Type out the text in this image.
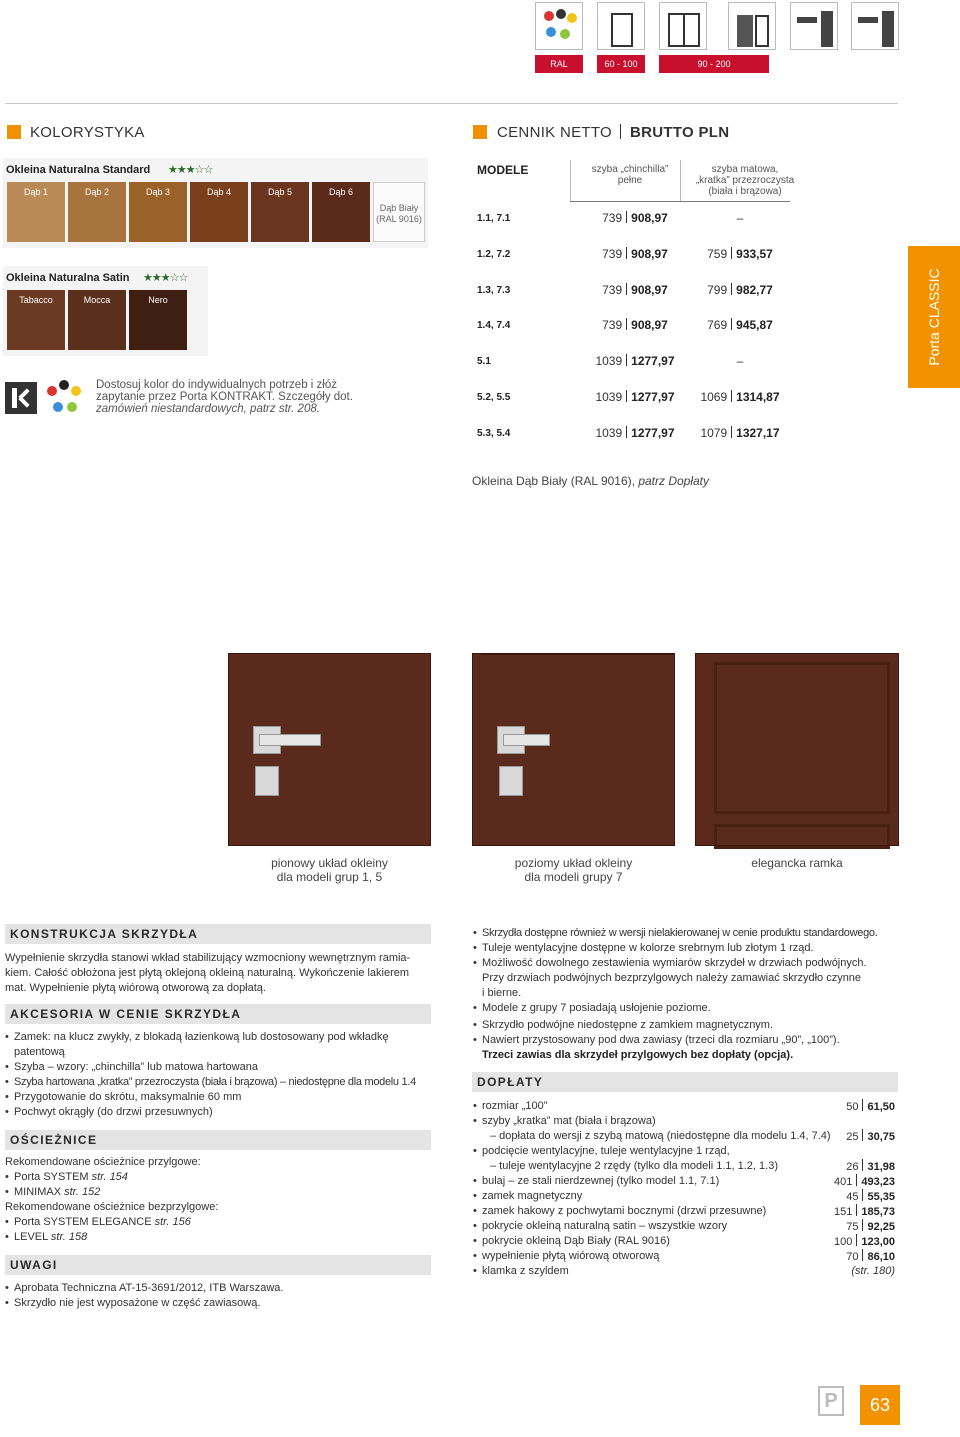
RAL	60 - 100	90 - 200
KOLORYSTYKA
Okleina Naturalna Standard ★★★☆☆
Dąb 1	Dąb 2	Dąb 3	Dąb 4	Dąb 5	Dąb 6
Dąb Biały
(RAL 9016)
Okleina Naturalna Satin ★★★☆☆
Tabacco	Mocca	Nero
Dostosuj kolor do indywidualnych potrzeb i złóż
zapytanie przez Porta KONTRAKT. Szczegóły dot.
zamówień niestandardowych, patrz str. 208.
CENNIK NETTO BRUTTO PLN
MODELE	szyba „chinchilla”
pełne
szyba matowa,
„kratka” przezroczysta
(biała i brązowa)
1.1, 7.1	739 908,97	–
1.2, 7.2	739 908,97	759 933,57
1.3, 7.3	739 908,97	799 982,77
1.4, 7.4	739 908,97	769 945,87
5.1	1039 1277,97	–
5.2, 5.5	1039 1277,97	1069 1314,87
5.3, 5.4	1039 1277,97	1079 1327,17
Okleina Dąb Biały (RAL 9016), patrz Dopłaty
Porta CLASSIC
pionowy układ okleiny
dla modeli grup 1, 5
poziomy układ okleiny
dla modeli grupy 7
elegancka ramka
KONSTRUKCJA SKRZYDŁA
Wypełnienie skrzydła stanowi wkład stabilizujący wzmocniony wewnętrznym ramia-
kiem. Całość obłożona jest płytą oklejoną okleiną naturalną. Wykończenie lakierem
mat. Wypełnienie płytą wiórową otworową za dopłatą.
AKCESORIA W CENIE SKRZYDŁA
• Zamek: na klucz zwykły, z blokadą łazienkową lub dostosowany pod wkładkę
patentową
• Szyba – wzory: „chinchilla” lub matowa hartowana
• Szyba hartowana „kratka” przezroczysta (biała i brązowa) – niedostępne dla modelu 1.4
• Przygotowanie do skrótu, maksymalnie 60 mm
• Pochwyt okrągły (do drzwi przesuwnych)
OŚCIEŻNICE
Rekomendowane ościeżnice przylgowe:
• Porta SYSTEM str. 154
• MINIMAX str. 152
Rekomendowane ościeżnice bezprzylgowe:
• Porta SYSTEM ELEGANCE str. 156
• LEVEL str. 158
UWAGI
• Aprobata Techniczna AT-15-3691/2012, ITB Warszawa.
• Skrzydło nie jest wyposażone w część zawiasową.
• Skrzydła dostępne również w wersji nielakierowanej w cenie produktu standardowego.
• Tuleje wentylacyjne dostępne w kolorze srebrnym lub złotym 1 rząd.
• Możliwość dowolnego zestawienia wymiarów skrzydeł w drzwiach podwójnych.
Przy drzwiach podwójnych bezprzylgowych należy zamawiać skrzydło czynne
i bierne.
• Modele z grupy 7 posiadają usłojenie poziome.
• Skrzydło podwójne niedostępne z zamkiem magnetycznym.
• Nawiert przystosowany pod dwa zawiasy (trzeci dla rozmiaru „90”, „100”).
Trzeci zawias dla skrzydeł przylgowych bez dopłaty (opcja).
DOPŁATY
• rozmiar „100”	50 61,50
• szyby „kratka” mat (biała i brązowa)
– dopłata do wersji z szybą matową (niedostępne dla modelu 1.4, 7.4)	25 30,75
• podcięcie wentylacyjne, tuleje wentylacyjne 1 rząd,
– tuleje wentylacyjne 2 rzędy (tylko dla modeli 1.1, 1.2, 1.3)	26 31,98
• bulaj – ze stali nierdzewnej (tylko model 1.1, 7.1)	401 493,23
• zamek magnetyczny	45 55,35
• zamek hakowy z pochwytami bocznymi (drzwi przesuwne)	151 185,73
• pokrycie okleiną naturalną satin – wszystkie wzory	75 92,25
• pokrycie okleiną Dąb Biały (RAL 9016)	100 123,00
• wypełnienie płytą wiórową otworową	70 86,10
• klamka z szyldem	(str. 180)
P	63
